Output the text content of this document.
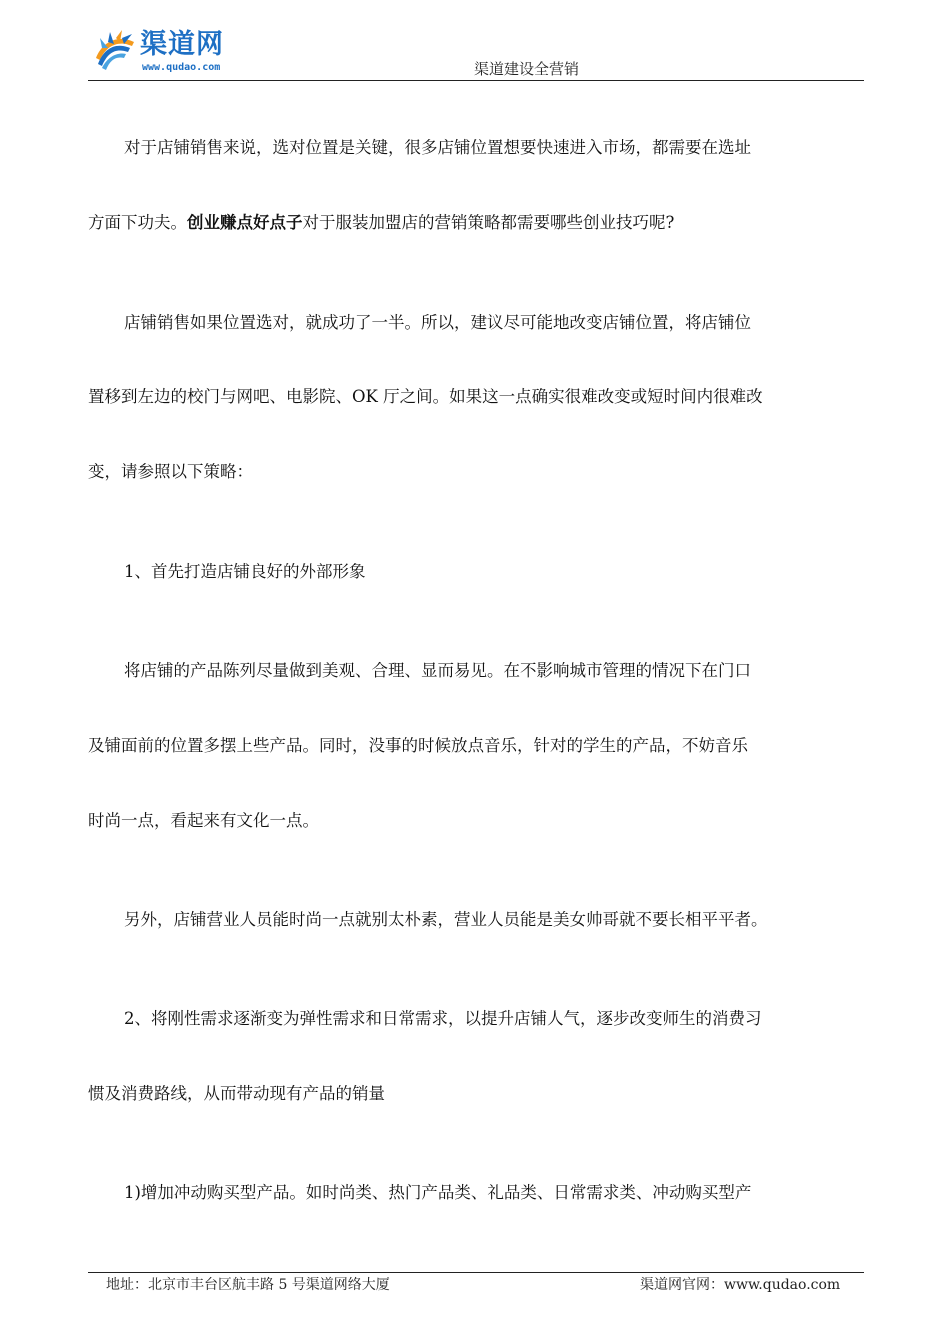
渠道网
www.qudao.com	渠道建设全营销
对于店铺销售来说，选对位置是关键，很多店铺位置想要快速进入市场，都需要在选址
方面下功夫。创业赚点好点子对于服装加盟店的营销策略都需要哪些创业技巧呢?
店铺销售如果位置选对，就成功了一半。所以，建议尽可能地改变店铺位置，将店铺位
置移到左边的校门与网吧、电影院、OK 厅之间。如果这一点确实很难改变或短时间内很难改
变，请参照以下策略：
1、首先打造店铺良好的外部形象
将店铺的产品陈列尽量做到美观、合理、显而易见。在不影响城市管理的情况下在门口
及铺面前的位置多摆上些产品。同时，没事的时候放点音乐，针对的学生的产品，不妨音乐
时尚一点，看起来有文化一点。
另外，店铺营业人员能时尚一点就别太朴素，营业人员能是美女帅哥就不要长相平平者。
2、将刚性需求逐渐变为弹性需求和日常需求，以提升店铺人气，逐步改变师生的消费习
惯及消费路线，从而带动现有产品的销量
1)增加冲动购买型产品。如时尚类、热门产品类、礼品类、日常需求类、冲动购买型产
地址：北京市丰台区航丰路 5 号渠道网络大厦	渠道网官网：www.qudao.com
